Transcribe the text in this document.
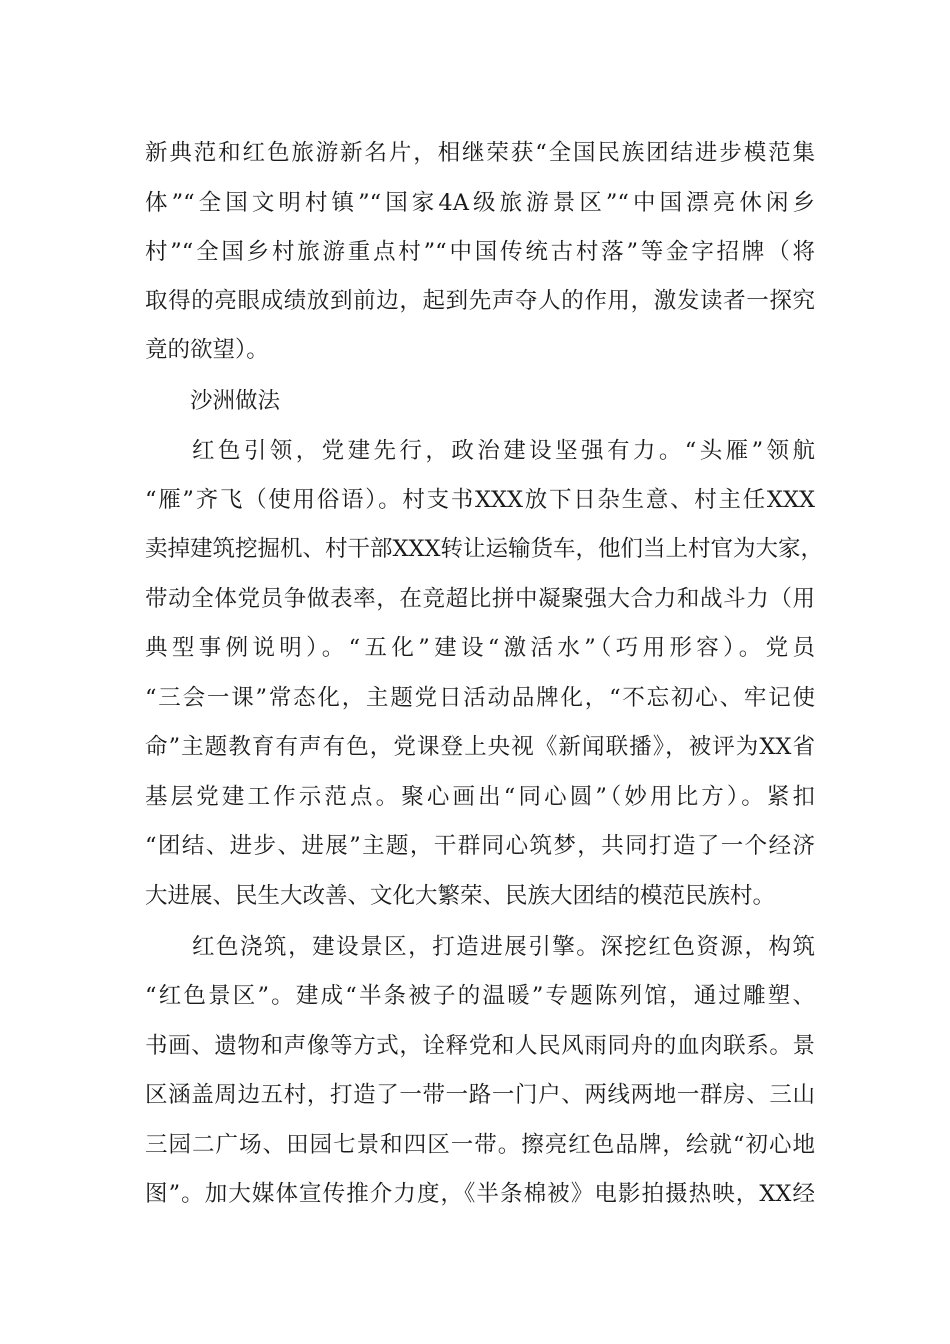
新典范和红色旅游新名片，相继荣获“全国民族团结进步模范集
体”“全国文明村镇”“国家4A级旅游景区”“中国漂亮休闲乡
村”“全国乡村旅游重点村”“中国传统古村落”等金字招牌（将
取得的亮眼成绩放到前边，起到先声夺人的作用，激发读者一探究
竟的欲望）。
沙洲做法
红色引领，党建先行，政治建设坚强有力。“头雁”领航
“雁”齐飞（使用俗语）。村支书XXX放下日杂生意、村主任XXX
卖掉建筑挖掘机、村干部XXX转让运输货车，他们当上村官为大家，
带动全体党员争做表率，在竞超比拼中凝聚强大合力和战斗力（用
典型事例说明）。“五化”建设“激活水”（巧用形容）。党员
“三会一课”常态化，主题党日活动品牌化，“不忘初心、牢记使
命”主题教育有声有色，党课登上央视《新闻联播》，被评为XX省
基层党建工作示范点。聚心画出“同心圆”（妙用比方）。紧扣
“团结、进步、进展”主题，干群同心筑梦，共同打造了一个经济
大进展、民生大改善、文化大繁荣、民族大团结的模范民族村。
红色浇筑，建设景区，打造进展引擎。深挖红色资源，构筑
“红色景区”。建成“半条被子的温暖”专题陈列馆，通过雕塑、
书画、遗物和声像等方式，诠释党和人民风雨同舟的血肉联系。景
区涵盖周边五村，打造了一带一路一门户、两线两地一群房、三山
三园二广场、田园七景和四区一带。擦亮红色品牌，绘就“初心地
图”。加大媒体宣传推介力度，《半条棉被》电影拍摄热映，XX经
